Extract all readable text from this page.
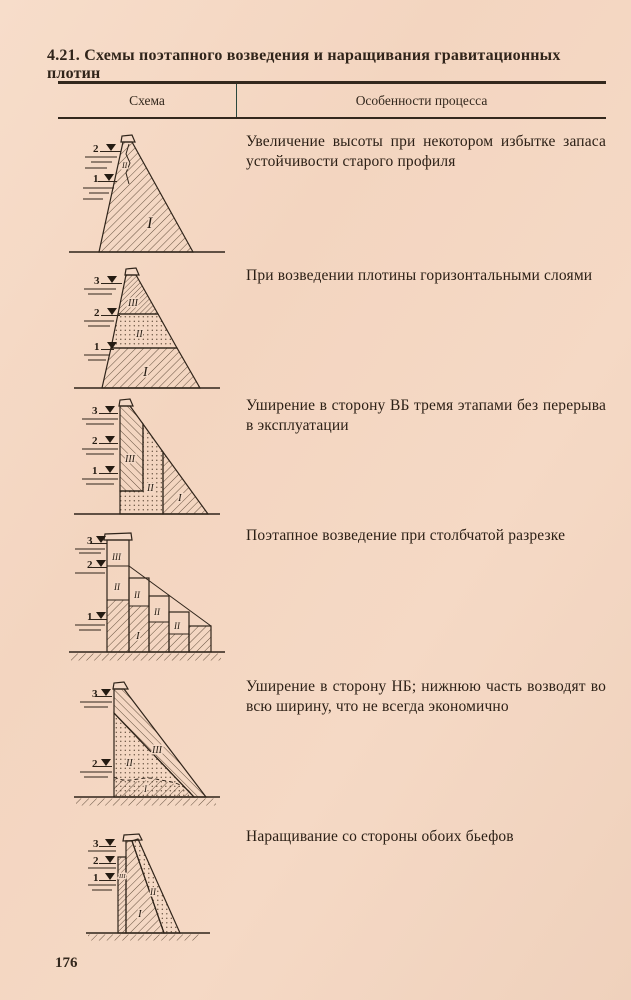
4.21. Схемы поэтапного возведения и наращивания гравитационных плотин
Схема	Особенности процесса
II
I
2
1
Увеличение высоты при некотором избытке запаса устойчивости старого профиля
III
II
I
3
2
1
При возведении плотины горизонтальными слоями
III
II
I
3
2
1
Уширение в сторону ВБ тремя этапами без перерыва в эксплуатации
III
II
II
II
II
I
3
2
1
Поэтапное возведение при столбчатой разрезке
III
II
I
3
2
Уширение в сторону НБ; нижнюю часть возводят во всю ширину, что не всегда экономично
III
II
I
3
2
1
Наращивание со стороны обоих бьефов
176
